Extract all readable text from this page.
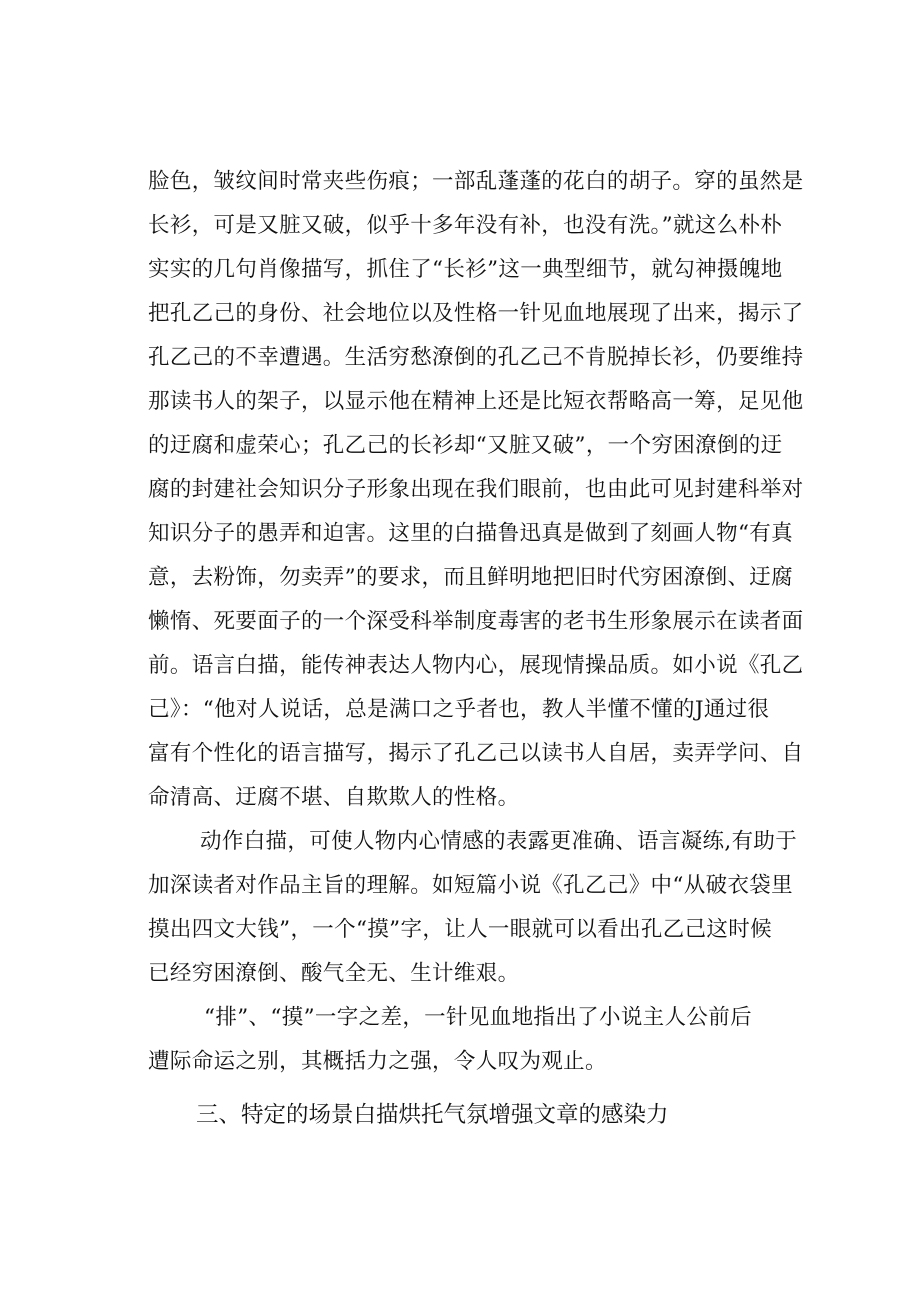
脸色，皱纹间时常夹些伤痕；一部乱蓬蓬的花白的胡子。穿的虽然是
长衫，可是又脏又破，似乎十多年没有补，也没有洗。”就这么朴朴
实实的几句肖像描写，抓住了“长衫”这一典型细节，就勾神摄魄地
把孔乙己的身份、社会地位以及性格一针见血地展现了出来，揭示了
孔乙己的不幸遭遇。生活穷愁潦倒的孔乙己不肯脱掉长衫，仍要维持
那读书人的架子，以显示他在精神上还是比短衣帮略高一筹，足见他
的迂腐和虚荣心；孔乙己的长衫却“又脏又破”，一个穷困潦倒的迂
腐的封建社会知识分子形象出现在我们眼前，也由此可见封建科举对
知识分子的愚弄和迫害。这里的白描鲁迅真是做到了刻画人物“有真
意，去粉饰，勿卖弄”的要求，而且鲜明地把旧时代穷困潦倒、迂腐
懒惰、死要面子的一个深受科举制度毒害的老书生形象展示在读者面
前。语言白描，能传神表达人物内心，展现情操品质。如小说《孔乙
己》：“他对人说话，总是满口之乎者也，教人半懂不懂的J通过很
富有个性化的语言描写，揭示了孔乙己以读书人自居，卖弄学问、自
命清高、迂腐不堪、自欺欺人的性格。
动作白描，可使人物内心情感的表露更准确、语言凝练,有助于
加深读者对作品主旨的理解。如短篇小说《孔乙己》中“从破衣袋里
摸出四文大钱”，一个“摸”字，让人一眼就可以看出孔乙己这时候
已经穷困潦倒、酸气全无、生计维艰。
“排”、“摸”一字之差，一针见血地指出了小说主人公前后
遭际命运之别，其概括力之强，令人叹为观止。
三、特定的场景白描烘托气氛增强文章的感染力
